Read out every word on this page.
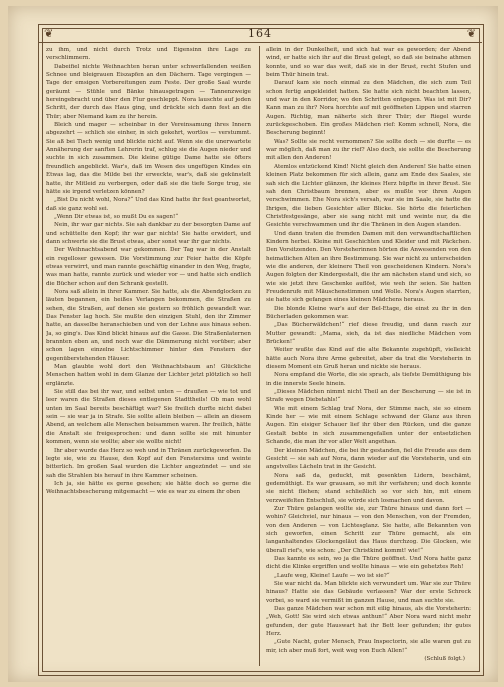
❦	164	❦

zu ihm, und nicht durch Trotz und Eigensinn ihre Lage zu verschlimmern.

Dabeifiel nichte Weihnachten heran unter schwerfallenden weißen Schnee und bleigrauen Eiszapfen an den Dächern. Tage vergingen — Tage der emsigen Vorbereitungen zum Feste. Der große Saal wurde geräumt — Stühle und Bänke hinausgetragen — Tannenzweige hereingebracht und über den Flur geschleppt. Nora lauschte auf jeden Schritt, der durch das Haus ging, und drückte sich dann fest an die Thür; aber Niemand kam zu ihr herein.

Bleich und mager — scheinbar in der Vereinsamung ihres Innern abgezehrt — schlich sie einher, in sich gekehrt, wortlos — verstummt. Sie aß bei Tisch wenig und blickte nicht auf. Wenn sie die unerwartete Annäherung der sanften Lehrerin traf, schlug sie die Augen nieder und suchte in sich zusammen. Die kleine gütige Dame hatte sie öfters freundlich angeblickt. War's, daß im Wesen des ungefügen Kindes ein Etwas lag, das die Milde bei ihr erweckte, war's, daß sie gekünstelt hatte, ihr Mitleid zu verbergen, oder daß sie die tiefe Sorge trug, sie hätte sie irgend verletzen können?

„Bist Du nicht wohl, Nora?“ Und das Kind hatte ihr fest geantwortet, daß sie ganz wohl sei.

„Wenn Dir etwas ist, so mußt Du es sagen!“

Nein, ihr war gar nichts. Sie sah dankbar zu der besorgten Dame auf und schüttelte den Kopf; ihr war gar nichts! Sie hatte erwidert, und dann schwerte sie die Brust etwas, aber sonst war ihr gar nichts.

Der Weihnachtsabend war gekommen. Der Tag war in der Anstalt ein regelloser gewesen. Die Vorstimmung zur Feier hatte die Köpfe etwas verwirrt, und man rannte geschäftig einander in den Weg, fragte, was man hatte, rannte zurück und wieder vor — und hatte sich endlich die Bücher schon auf den Schrank gestellt.

Nora saß allein in ihrer Kammer. Sie hatte, als die Abendglocken zu läuten begannen, ein heißes Verlangen bekommen, die Straßen zu sehen, die Straßen, auf denen sie gestern so fröhlich gewandelt war. Das Fenster lag hoch. Sie mußte den einzigen Stuhl, den ihr Zimmer hatte, an dasselbe heranschieben und von der Lehne aus hinaus sehen. Ja, so ging's. Das Kind blickt hinaus auf die Gasse. Die Straßenlaternen brannten eben an, und noch war die Dämmerung nicht vorüber; aber schon lagen einzelne Lichtschimmer hinter den Fenstern der gegenüberstehenden Häuser.

Man glaubte wohl dort den Weihnachtsbaum an! Glückliche Menschen hatten wohl in dem Glanze der Lichter jetzt plötzlich so hell erglänzte.

Sie still das bei ihr war, und selbst unten — draußen — wie tot und leer waren die Straßen dieses entlegenen Stadttheils! Ob man wohl unten im Saal bereits beschäftigt war? Sie freilich durfte nicht dabei sein — sie war ja in Strafe. Sie sollte allein bleiben — allein an diesem Abend, an welchem alle Menschen beisammen waren. Ihr freilich, hätte die Anstalt sie freigesprochen: und dann sollte sie mit hinunter kommen, wenn sie wollte; aber sie wollte nicht!

Ihr aber wurde das Herz so weh und in Thränen zurückgeworfen. Da legte sie, wie zu Hause, den Kopf auf den Fenstersims und weinte bitterlich. Im großen Saal wurden die Lichter angezündet — und sie sah die Strahlen bis herauf in ihre Kammer scheinen.

Ich ja, sie hätte es gerne gesehen; sie hätte doch so gerne die Weihnachtsbescherung mitgemacht — wie es war zu einem ihr oben

allein in der Dunkelheit, und sich hat war es geworden; der Abend wind, er hatte sich ihr auf die Brust gelegt, so daß sie beinahe athmen konnte, und so war das weit, daß sie in der Brust, recht Stufen und beim Thür hinein trat.

Darauf kam sie noch einmal zu den Mädchen, die sich zum Teil schon fertig angekleidet hatten. Sie hatte sich nicht beachten lassen, und war in den Korridor, wo den Schritten entgegen. Was ist mit Dir? Kann man zu ihr? Nora horchte auf mit geöffneten Lippen und starren Augen. Richtig, man näherte sich ihrer Thür; der Riegel wurde zurückgeschoben. Ein großes Mädchen rief: Komm schnell, Nora, die Bescherung beginnt!

Was? Sollte sie recht vernommen? Sie sollte doch — sie durfte — es war möglich, daß man zu ihr rief? Also doch, sie sollte die Bescherung mit allen den Anderen!

Atemlos entzückend Kind! Nicht gleich den Anderen! Sie hatte einen kleinen Platz bekommen für sich allein, ganz am Ende des Saales, sie sah sich die Lichter glänzen, ihr kleines Herz hüpfte in ihrer Brust. Sie sah den Christbaum brennen, aber es mußte vor ihren Augen verschwimmen. Ehe Nora sich's versah, war sie im Saale, sie hatte die Ihrigen, die lieben Gesichter aller Blicke. Sie hörte die feierlichen Christfestgesänge, aber sie sang nicht mit und weinte nur, da die Gesichte verschwammen und ihr die Thränen in den Augen standen.

Und dann traten die fremden Damen mit den verwandtschaftlichen Kindern herbei. Kleine mit Geschichten und Kleider und mit Päckchen. Den Vorsitzenden. Den Vorsteherinnen hörten die Anwesenden von den heimatlichen Alten an ihre Bestimmung. Sie war nicht zu unterscheiden wie die anderen, der kleinere Theil von gescheidenen Kindern. Nora's Augen folgten der Kindergestalt, die ihr am nächsten stand und sich, so wie sie jetzt ihre Geschenke auflöst, wie weh ihr seien. Sie hatten Freudenrufe mit Mäuschenstimmen und Wolle. Nora's Augen starrten, sie hatte sich gefangen eines kleinen Mädchens heraus.

Die blonde Kleine war's auf der Bel-Etage, die einst zu ihr in den Bücherladen gekommen war.

„Das Bücherwäldchen!“ rief diese freudig, und dann rasch zur Mutter gewandt: „Mama, sieh, da ist das niedliche Mädchen vom Brücken!“

Weiter wußte das Kind auf die alte Bekannte zugehüpft, vielleicht hätte auch Nora ihre Arme gebreitet, aber da trat die Vorsteherin in diesem Moment ein Gruß heran und nickte sie heraus.

Nora empfand die Worte, die sie sprach, als tiefste Demüthigung bis in die innerste Seele hinein.

„Dieses Mädchen nimmt nicht Theil an der Bescherung — sie ist in Strafe wegen Diebstahls!“

Wie mit einem Schlag traf Nora, der Stimme nach, sie so einem Kinde her — wie mit einem Schlage schwand der Glanz aus ihren Augen. Ein eisiger Schauer lief ihr über den Rücken, und die ganze Gestalt bebte in sich zusammengefallen unter der entsetzlichen Schande, die man ihr vor aller Welt angethan.

Der kleinen Mädchen, die bei ihr gestanden, fiel die Freude aus dem Gesicht — sie sah auf Nora, dann wieder auf die Vorsteherin, und ein angstvolles Lächeln trat in ihr Gesicht.

Nora saß da, geduckt, mit gesenkten Lidern, beschämt, gedemüthigt. Es war grausam, so mit ihr verfahren; und doch konnte sie nicht fliehen; stand schließlich so vor sich hin, mit einem verzweifelten Entschluß, sie würde sich losmachen und davon.

Zur Thüre gelangen wollte sie, zur Thüre hinaus und dann fort — wohin? Gleichviel, nur hinaus — von den Menschen, von der Fremden, von den Anderen — von Lichtesglanz. Sie hatte, alle Bekannten von sich geworfen, einen Schritt zur Thüre gemacht, als ein langanhaltendes Glockengeläut das Haus durchzog. Die Glocken, wie überall rief's, wie schon: „Der Christkind kommt! wie!“

Das kannte es sein, wo ja die Thüre geöffnet. Und Nora hatte ganz dicht die Klinke ergriffen und wollte hinaus — wie ein gehetztes Reh!

„Laufe weg, Kleine! Laufe — wo ist sie?“

Sie war nicht da. Man blickte sich verwundert um. War sie zur Thüre hinaus? Hatte sie das Gebäude verlassen? War der erste Schreck vorbei, so ward sie vermißt im ganzen Hause, und man suchte sie.

Das ganze Mädchen war schon mit eilig hinaus, als die Vorsteherin: „Weh, Gott! Sie wird sich etwas anthun!“ Aber Nora ward nicht mehr gefunden, der gute Hauswart hat ihr Bett leer gefunden; ihr gutes Herz.

„Gute Nacht, guter Mensch, Frau Inspectorin, sie alle waren gut zu mir, ich aber muß fort, weit weg von Euch Allen!“

(Schluß folgt.)
